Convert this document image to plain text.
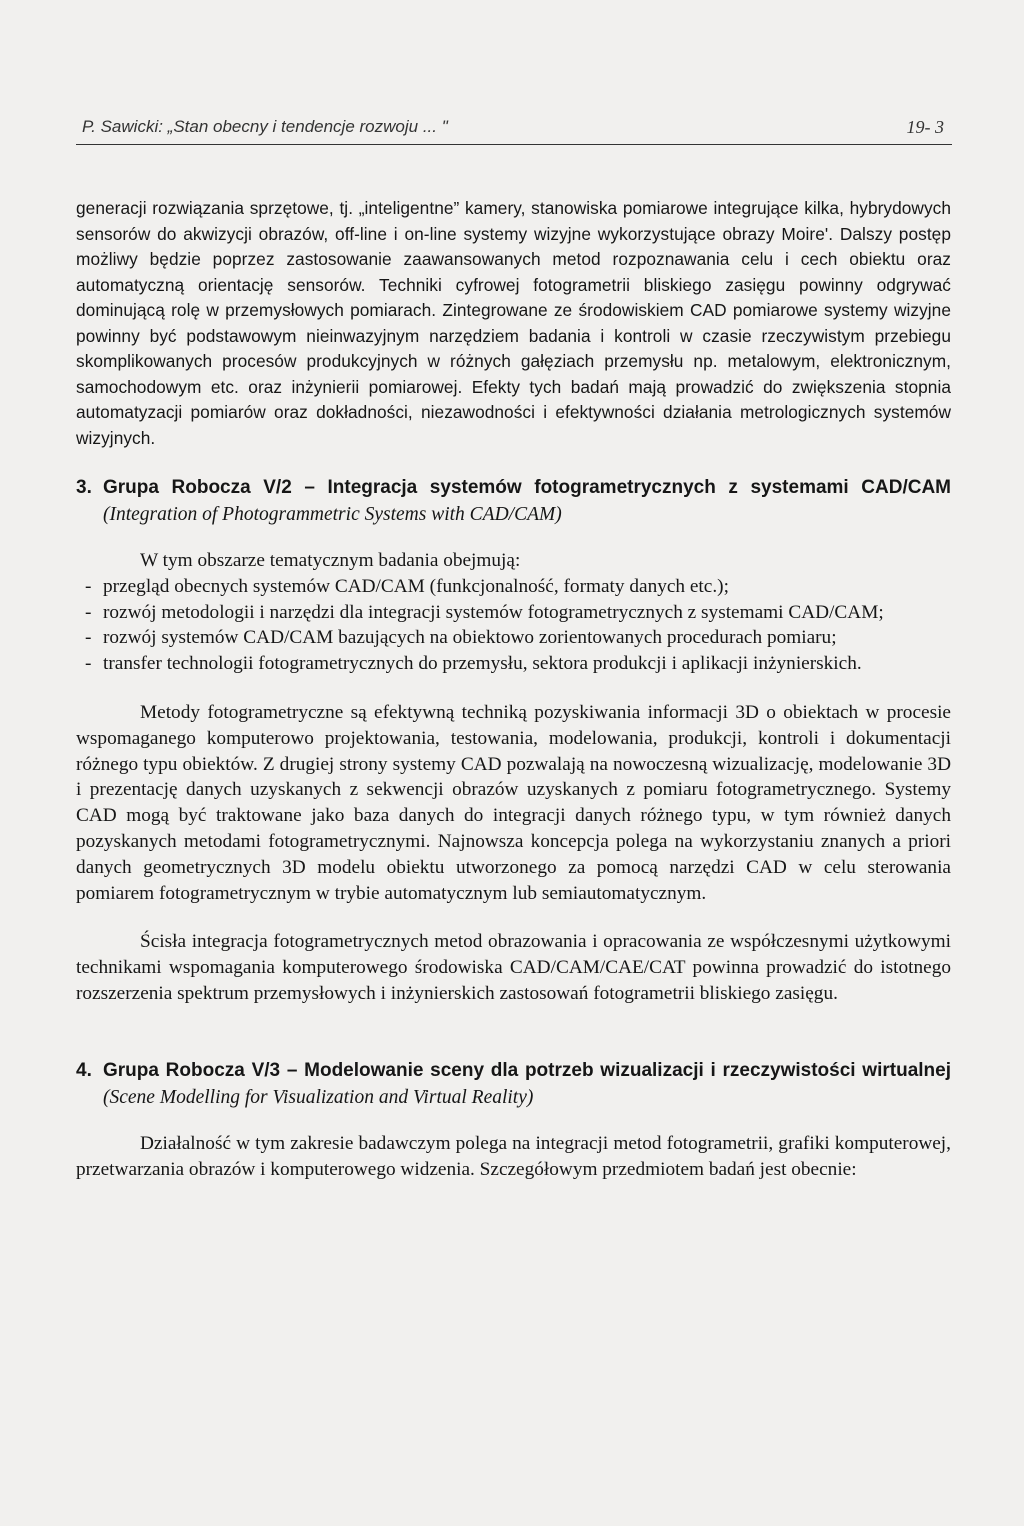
P. Sawicki: „Stan obecny i tendencje rozwoju ... "	19- 3

generacji rozwiązania sprzętowe, tj. „inteligentne” kamery, stanowiska pomiarowe integrujące kilka, hybrydowych sensorów do akwizycji obrazów, off-line i on-line systemy wizyjne wykorzystujące obrazy Moire'. Dalszy postęp możliwy będzie poprzez zastosowanie zaawansowanych metod rozpoznawania celu i cech obiektu oraz automatyczną orientację sensorów. Techniki cyfrowej fotogrametrii bliskiego zasięgu powinny odgrywać dominującą rolę w przemysłowych pomiarach. Zintegrowane ze środowiskiem CAD pomiarowe systemy wizyjne powinny być podstawowym nieinwazyjnym narzędziem badania i kontroli w czasie rzeczywistym przebiegu skomplikowanych procesów produkcyjnych w różnych gałęziach przemysłu np. metalowym, elektronicznym, samochodowym etc. oraz inżynierii pomiarowej. Efekty tych badań mają prowadzić do zwiększenia stopnia automatyzacji pomiarów oraz dokładności, niezawodności i efektywności działania metrologicznych systemów wizyjnych.

3. Grupa Robocza V/2 – Integracja systemów fotogrametrycznych z systemami CAD/CAM (Integration of Photogrammetric Systems with CAD/CAM)

W tym obszarze tematycznym badania obejmują:

- przegląd obecnych systemów CAD/CAM (funkcjonalność, formaty danych etc.);
- rozwój metodologii i narzędzi dla integracji systemów fotogrametrycznych z systemami CAD/CAM;
- rozwój systemów CAD/CAM bazujących na obiektowo zorientowanych procedurach pomiaru;
- transfer technologii fotogrametrycznych do przemysłu, sektora produkcji i aplikacji inżynierskich.

Metody fotogrametryczne są efektywną techniką pozyskiwania informacji 3D o obiektach w procesie wspomaganego komputerowo projektowania, testowania, modelowania, produkcji, kontroli i dokumentacji różnego typu obiektów. Z drugiej strony systemy CAD pozwalają na nowoczesną wizualizację, modelowanie 3D i prezentację danych uzyskanych z sekwencji obrazów uzyskanych z pomiaru fotogrametrycznego. Systemy CAD mogą być traktowane jako baza danych do integracji danych różnego typu, w tym również danych pozyskanych metodami fotogrametrycznymi. Najnowsza koncepcja polega na wykorzystaniu znanych a priori danych geometrycznych 3D modelu obiektu utworzonego za pomocą narzędzi CAD w celu sterowania pomiarem fotogrametrycznym w trybie automatycznym lub semiautomatycznym.

Ścisła integracja fotogrametrycznych metod obrazowania i opracowania ze współczesnymi użytkowymi technikami wspomagania komputerowego środowiska CAD/CAM/CAE/CAT powinna prowadzić do istotnego rozszerzenia spektrum przemysłowych i inżynierskich zastosowań fotogrametrii bliskiego zasięgu.

4. Grupa Robocza V/3 – Modelowanie sceny dla potrzeb wizualizacji i rzeczywistości wirtualnej (Scene Modelling for Visualization and Virtual Reality)

Działalność w tym zakresie badawczym polega na integracji metod fotogrametrii, grafiki komputerowej, przetwarzania obrazów i komputerowego widzenia. Szczegółowym przedmiotem badań jest obecnie:
